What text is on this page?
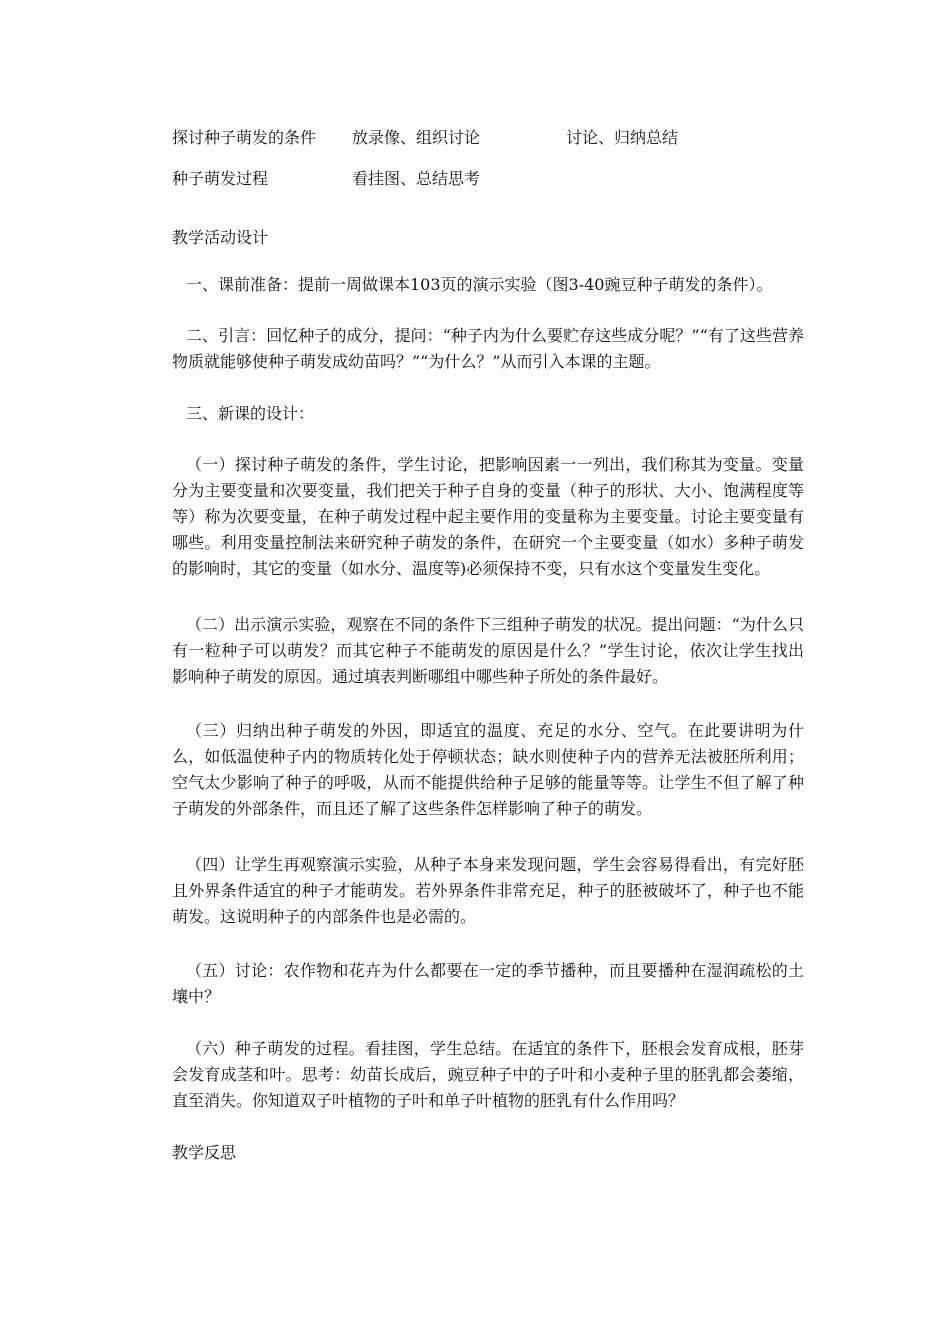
探讨种子萌发的条件 放录像、组织讨论	讨论、归纳总结
种子萌发过程	看挂图、总结思考
教学活动设计
一、课前准备：提前一周做课本103页的演示实验（图3-40豌豆种子萌发的条件）。
二、引言：回忆种子的成分，提问：“种子内为什么要贮存这些成分呢？”“有了这些营养物质就能够使种子萌发成幼苗吗？”“为什么？”从而引入本课的主题。
三、新课的设计：
（一）探讨种子萌发的条件，学生讨论，把影响因素一一列出，我们称其为变量。变量分为主要变量和次要变量，我们把关于种子自身的变量（种子的形状、大小、饱满程度等等）称为次要变量，在种子萌发过程中起主要作用的变量称为主要变量。讨论主要变量有哪些。利用变量控制法来研究种子萌发的条件，在研究一个主要变量（如水）多种子萌发的影响时，其它的变量（如水分、温度等)必须保持不变，只有水这个变量发生变化。
（二）出示演示实验，观察在不同的条件下三组种子萌发的状况。提出问题：“为什么只有一粒种子可以萌发？而其它种子不能萌发的原因是什么？”学生讨论，依次让学生找出影响种子萌发的原因。通过填表判断哪组中哪些种子所处的条件最好。
（三）归纳出种子萌发的外因，即适宜的温度、充足的水分、空气。在此要讲明为什么，如低温使种子内的物质转化处于停顿状态；缺水则使种子内的营养无法被胚所利用；空气太少影响了种子的呼吸，从而不能提供给种子足够的能量等等。让学生不但了解了种子萌发的外部条件，而且还了解了这些条件怎样影响了种子的萌发。
（四）让学生再观察演示实验，从种子本身来发现问题，学生会容易得看出，有完好胚且外界条件适宜的种子才能萌发。若外界条件非常充足，种子的胚被破坏了，种子也不能萌发。这说明种子的内部条件也是必需的。
（五）讨论：农作物和花卉为什么都要在一定的季节播种，而且要播种在湿润疏松的土壤中？
（六）种子萌发的过程。看挂图，学生总结。在适宜的条件下，胚根会发育成根，胚芽会发育成茎和叶。思考：幼苗长成后，豌豆种子中的子叶和小麦种子里的胚乳都会萎缩，直至消失。你知道双子叶植物的子叶和单子叶植物的胚乳有什么作用吗？
教学反思
